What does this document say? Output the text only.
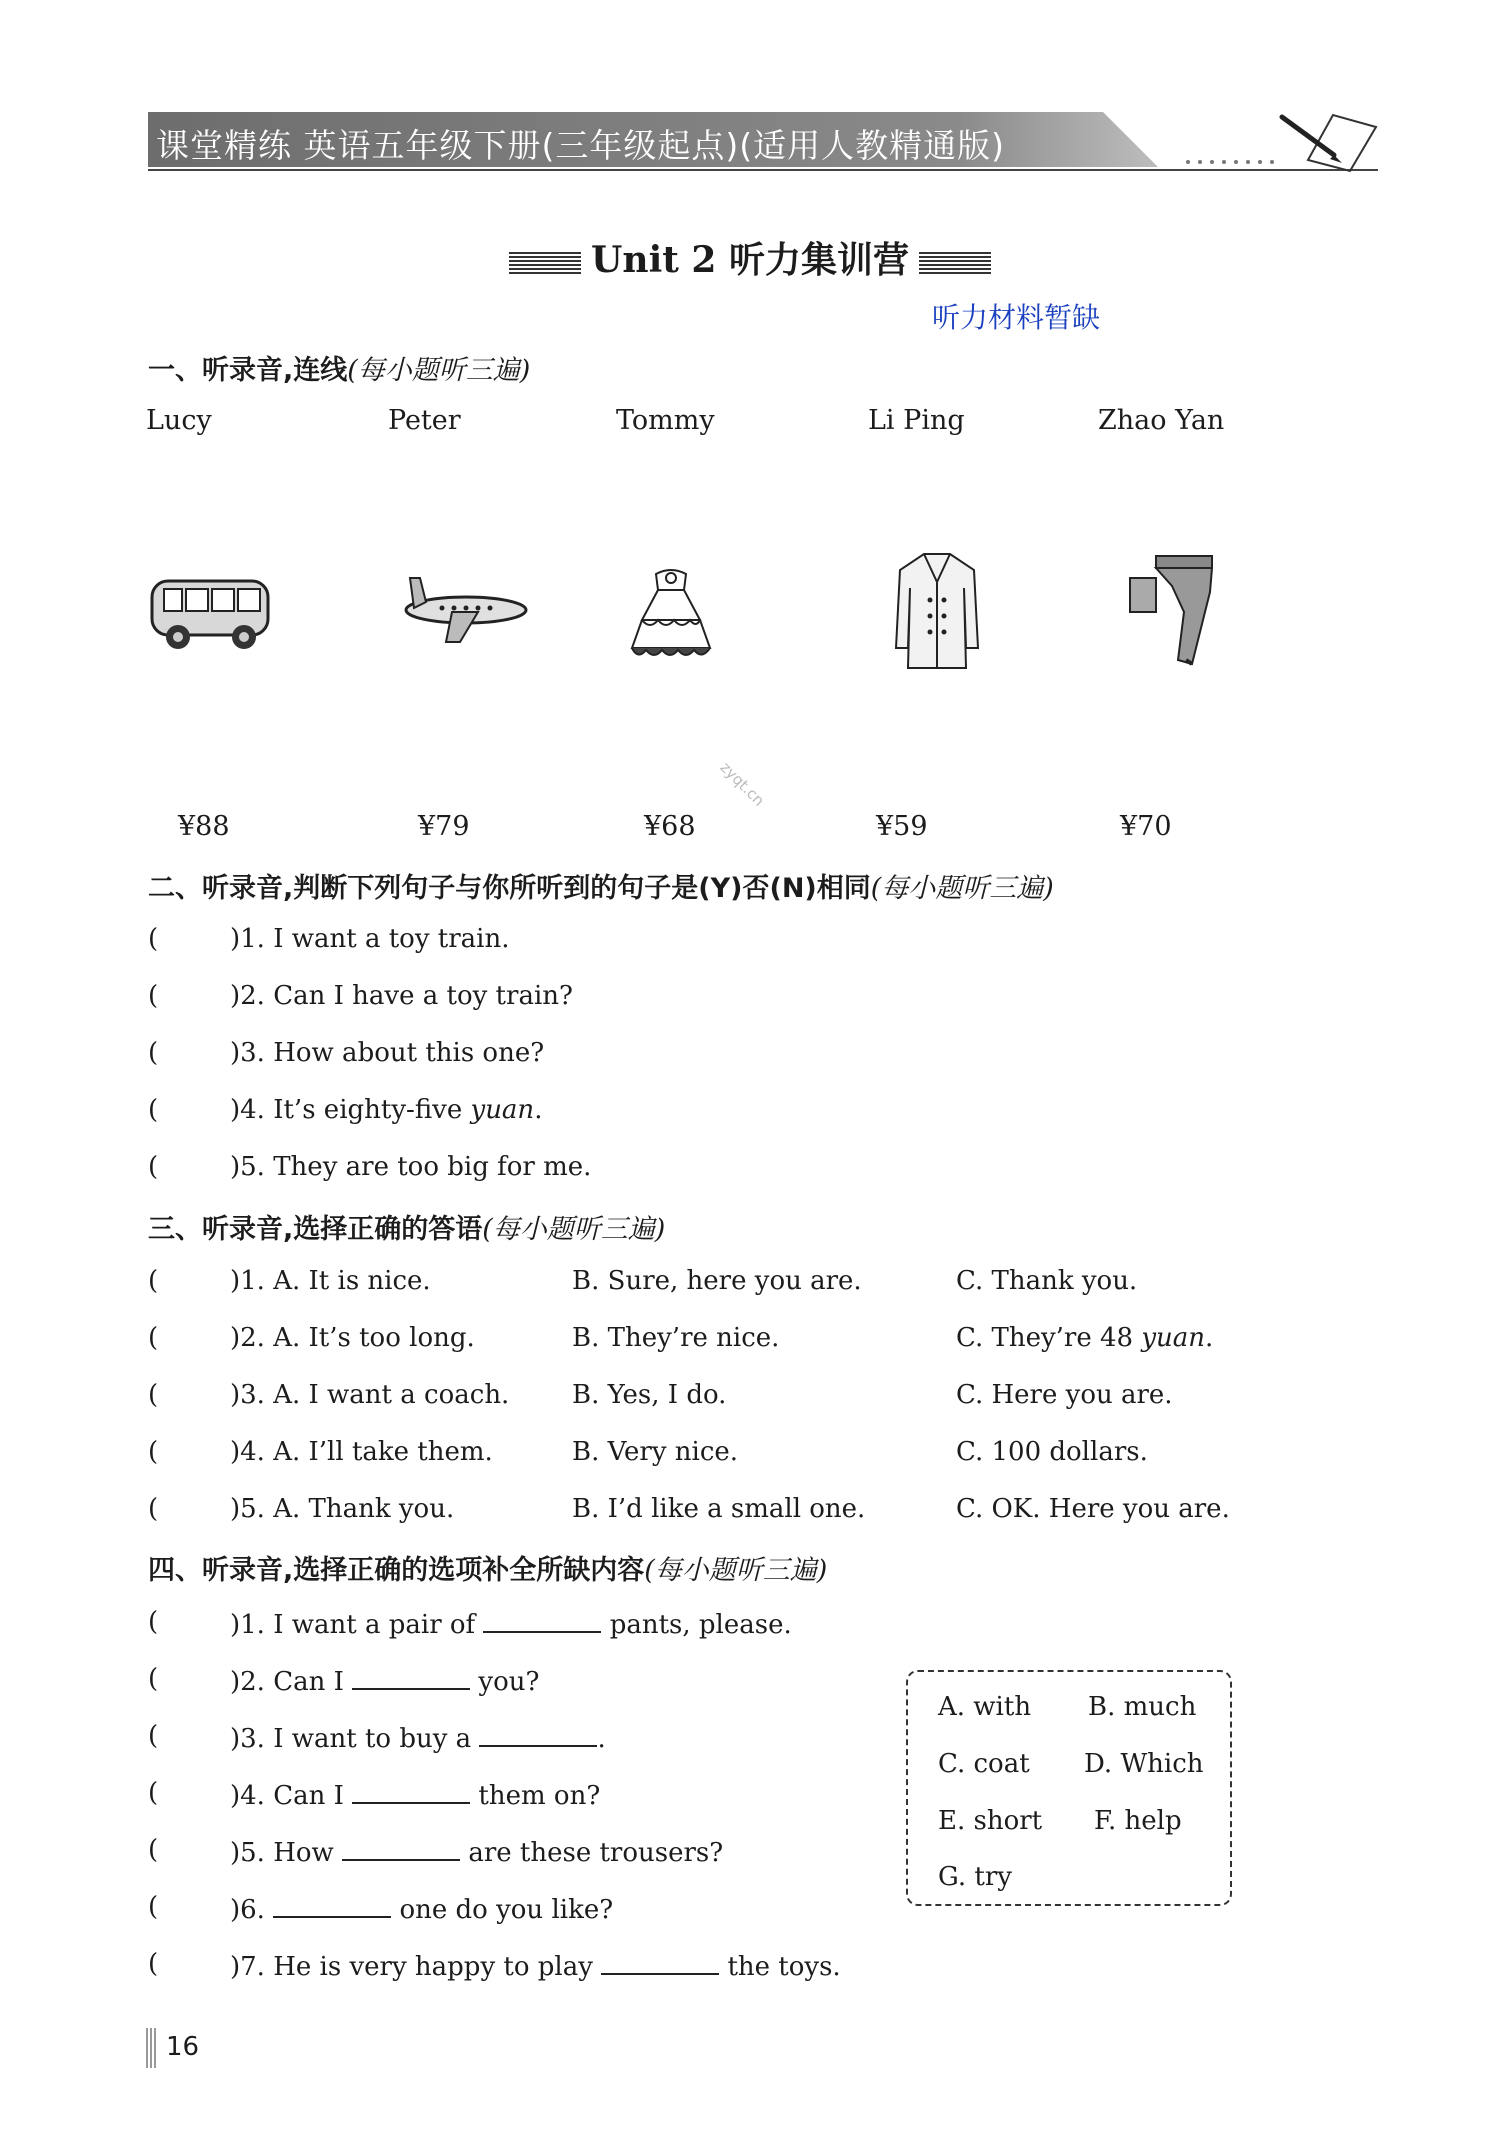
课堂精练 英语五年级下册(三年级起点)(适用人教精通版)
Unit 2 听力集训营
听力材料暂缺
zyqt.cn
一、听录音,连线(每小题听三遍)
Lucy	Peter	Tommy	Li Ping	Zhao Yan
¥88	¥79	¥68	¥59	¥70
二、听录音,判断下列句子与你所听到的句子是(Y)否(N)相同(每小题听三遍)
(	)1. I want a toy train.
(	)2. Can I have a toy train?
(	)3. How about this one?
(	)4. It’s eighty-five yuan.
(	)5. They are too big for me.
三、听录音,选择正确的答语(每小题听三遍)
(	)1. A. It is nice.	B. Sure, here you are.	C. Thank you.
(	)2. A. It’s too long.	B. They’re nice.	C. They’re 48 yuan.
(	)3. A. I want a coach. B. Yes, I do.	C. Here you are.
(	)4. A. I’ll take them.	B. Very nice.	C. 100 dollars.
(	)5. A. Thank you.	B. I’d like a small one.	C. OK. Here you are.
四、听录音,选择正确的选项补全所缺内容(每小题听三遍)
(	)1. I want a pair of	pants, please.
(	)2. Can I	you?
(	)3. I want to buy a	.
(	)4. Can I	them on?
(	)5. How	are these trousers?
(	)6.	one do you like?
(	)7. He is very happy to play	the toys.
A. with B. much
C. coat D. Which
E. short F. help
G. try
16
